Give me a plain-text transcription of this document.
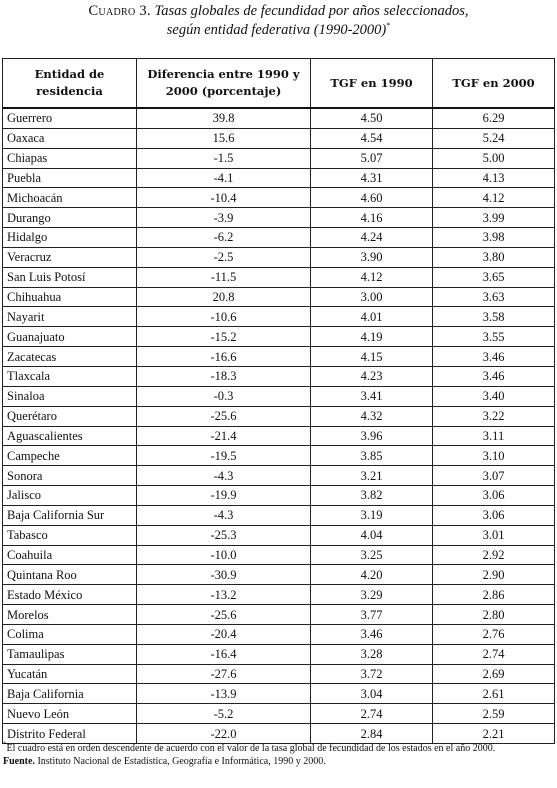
Cuadro 3. Tasas globales de fecundidad por años seleccionados,
según entidad federativa (1990-2000)*
Entidad de residencia	Diferencia entre 1990 y 2000 (porcentaje)	TGF en 1990	TGF en 2000
Guerrero	39.8	4.50	6.29
Oaxaca	15.6	4.54	5.24
Chiapas	-1.5	5.07	5.00
Puebla	-4.1	4.31	4.13
Michoacán	-10.4	4.60	4.12
Durango	-3.9	4.16	3.99
Hidalgo	-6.2	4.24	3.98
Veracruz	-2.5	3.90	3.80
San Luis Potosí	-11.5	4.12	3.65
Chihuahua	20.8	3.00	3.63
Nayarit	-10.6	4.01	3.58
Guanajuato	-15.2	4.19	3.55
Zacatecas	-16.6	4.15	3.46
Tlaxcala	-18.3	4.23	3.46
Sinaloa	-0.3	3.41	3.40
Querétaro	-25.6	4.32	3.22
Aguascalientes	-21.4	3.96	3.11
Campeche	-19.5	3.85	3.10
Sonora	-4.3	3.21	3.07
Jalisco	-19.9	3.82	3.06
Baja California Sur	-4.3	3.19	3.06
Tabasco	-25.3	4.04	3.01
Coahuila	-10.0	3.25	2.92
Quintana Roo	-30.9	4.20	2.90
Estado México	-13.2	3.29	2.86
Morelos	-25.6	3.77	2.80
Colima	-20.4	3.46	2.76
Tamaulipas	-16.4	3.28	2.74
Yucatán	-27.6	3.72	2.69
Baja California	-13.9	3.04	2.61
Nuevo León	-5.2	2.74	2.59
Distrito Federal	-22.0	2.84	2.21
*El cuadro está en orden descendente de acuerdo con el valor de la tasa global de fecundidad de los estados en el año 2000.
Fuente. Instituto Nacional de Estadística, Geografía e Informática, 1990 y 2000.
